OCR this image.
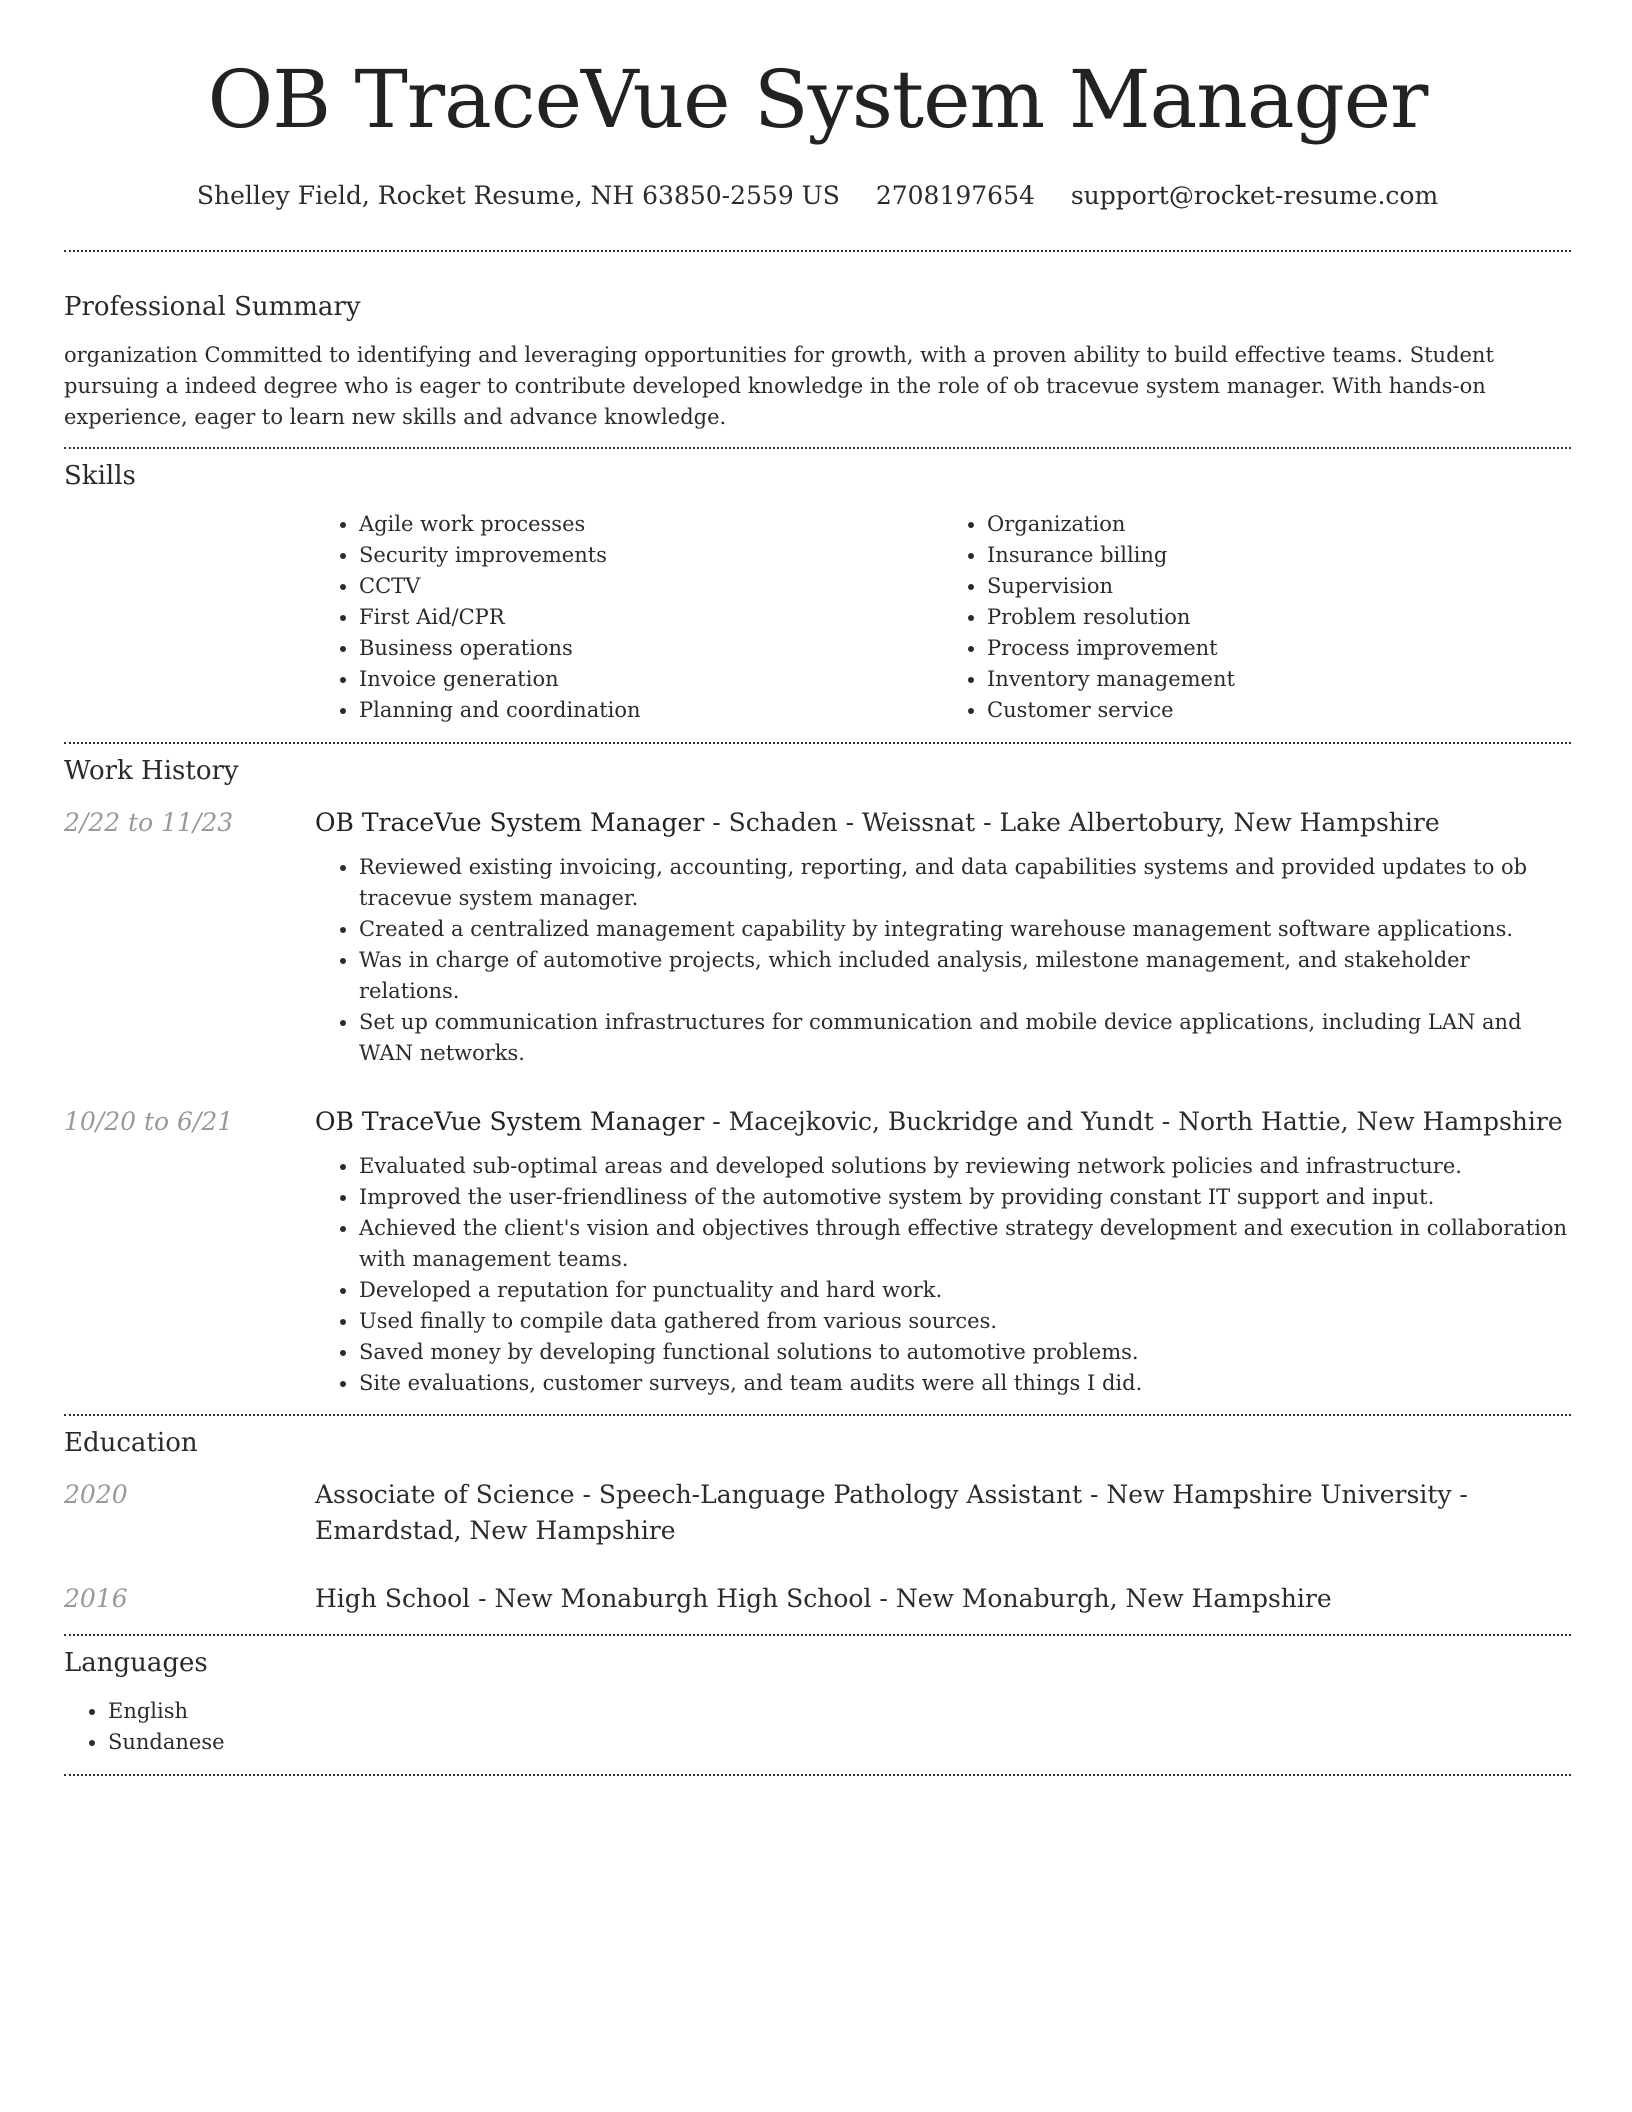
OB TraceVue System Manager
Shelley Field, Rocket Resume, NH 63850-2559 US 2708197654 support@rocket-resume.com
Professional Summary

organization Committed to identifying and leveraging opportunities for growth, with a proven ability to build effective teams. Student pursuing a indeed degree who is eager to contribute developed knowledge in the role of ob tracevue system manager. With hands-on experience, eager to learn new skills and advance knowledge.

Skills
• Agile work processes
• Security improvements
• CCTV
• First Aid/CPR
• Business operations
• Invoice generation
• Planning and coordination
• Organization
• Insurance billing
• Supervision
• Problem resolution
• Process improvement
• Inventory management
• Customer service
Work History
2/22 to 11/23	OB TraceVue System Manager - Schaden - Weissnat - Lake Albertobury, New Hampshire
• Reviewed existing invoicing, accounting, reporting, and data capabilities systems and provided updates to ob tracevue system manager.
• Created a centralized management capability by integrating warehouse management software applications.
• Was in charge of automotive projects, which included analysis, milestone management, and stakeholder relations.
• Set up communication infrastructures for communication and mobile device applications, including LAN and WAN networks.
10/20 to 6/21	OB TraceVue System Manager - Macejkovic, Buckridge and Yundt - North Hattie, New Hampshire
• Evaluated sub-optimal areas and developed solutions by reviewing network policies and infrastructure.
• Improved the user-friendliness of the automotive system by providing constant IT support and input.
• Achieved the client's vision and objectives through effective strategy development and execution in collaboration with management teams.
• Developed a reputation for punctuality and hard work.
• Used finally to compile data gathered from various sources.
• Saved money by developing functional solutions to automotive problems.
• Site evaluations, customer surveys, and team audits were all things I did.
Education
2020	Associate of Science - Speech-Language Pathology Assistant - New Hampshire University - Emardstad, New Hampshire
2016	High School - New Monaburgh High School - New Monaburgh, New Hampshire
Languages
• English
• Sundanese
